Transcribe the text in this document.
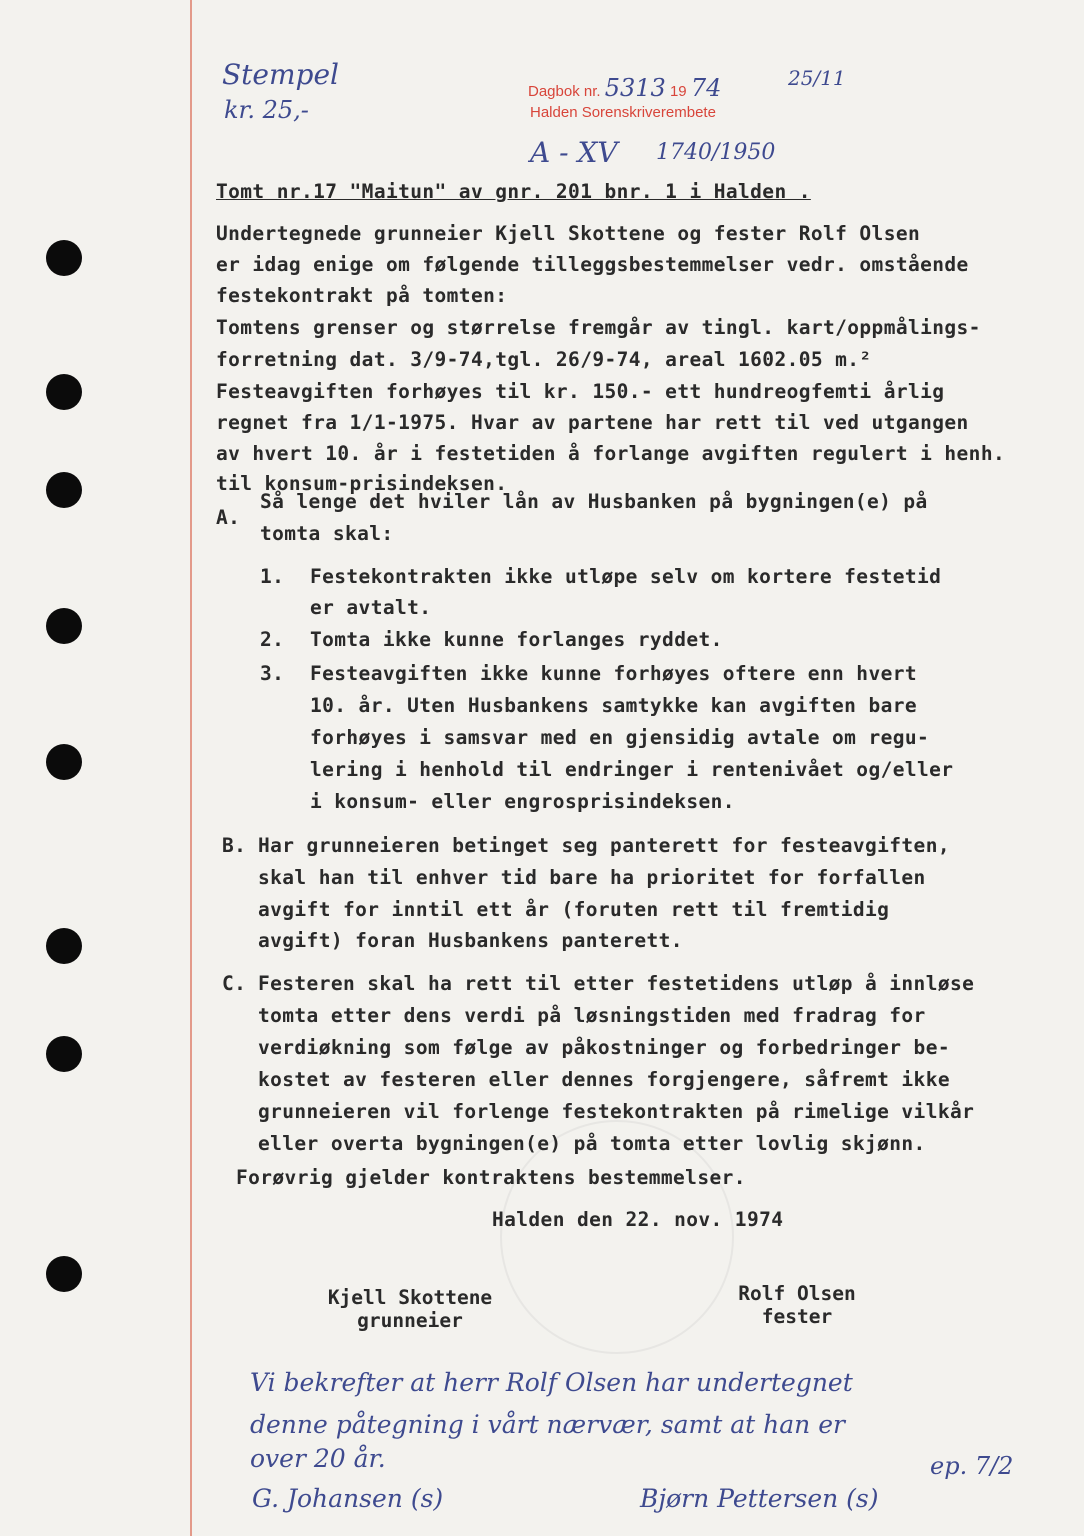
Stempel
kr. 25,-
Dagbok nr. 5313 19 74
Halden Sorenskriverembete
25/11
A - XV 1740/1950
Tomt nr.17 "Maitun" av gnr. 201 bnr. 1 i Halden .
Undertegnede grunneier Kjell Skottene og fester Rolf Olsen
er idag enige om følgende tilleggsbestemmelser vedr. omstående
festekontrakt på tomten:
Tomtens grenser og størrelse fremgår av tingl. kart/oppmålings-
forretning dat. 3/9-74,tgl. 26/9-74, areal 1602.05 m.²
Festeavgiften forhøyes til kr. 150.- ett hundreogfemti årlig
regnet fra 1/1-1975. Hvar av partene har rett til ved utgangen
av hvert 10. år i festetiden å forlange avgiften regulert i henh.
til konsum-prisindeksen.
A.
Så lenge det hviler lån av Husbanken på bygningen(e) på
tomta skal:
1. Festekontrakten ikke utløpe selv om kortere festetid
er avtalt.
2. Tomta ikke kunne forlanges ryddet.
3. Festeavgiften ikke kunne forhøyes oftere enn hvert
10. år. Uten Husbankens samtykke kan avgiften bare
forhøyes i samsvar med en gjensidig avtale om regu-
lering i henhold til endringer i rentenivået og/eller
i konsum- eller engrosprisindeksen.
B. Har grunneieren betinget seg panterett for festeavgiften,
skal han til enhver tid bare ha prioritet for forfallen
avgift for inntil ett år (foruten rett til fremtidig
avgift) foran Husbankens panterett.
C. Festeren skal ha rett til etter festetidens utløp å innløse
tomta etter dens verdi på løsningstiden med fradrag for
verdiøkning som følge av påkostninger og forbedringer be-
kostet av festeren eller dennes forgjengere, såfremt ikke
grunneieren vil forlenge festekontrakten på rimelige vilkår
eller overta bygningen(e) på tomta etter lovlig skjønn.
Forøvrig gjelder kontraktens bestemmelser.
Halden den 22. nov. 1974
Kjell Skottene
grunneier
Rolf Olsen
fester
Vi bekrefter at herr Rolf Olsen har undertegnet
denne påtegning i vårt nærvær, samt at han er
over 20 år.
G. Johansen (s)	Bjørn Pettersen (s)
ep. 7/2
